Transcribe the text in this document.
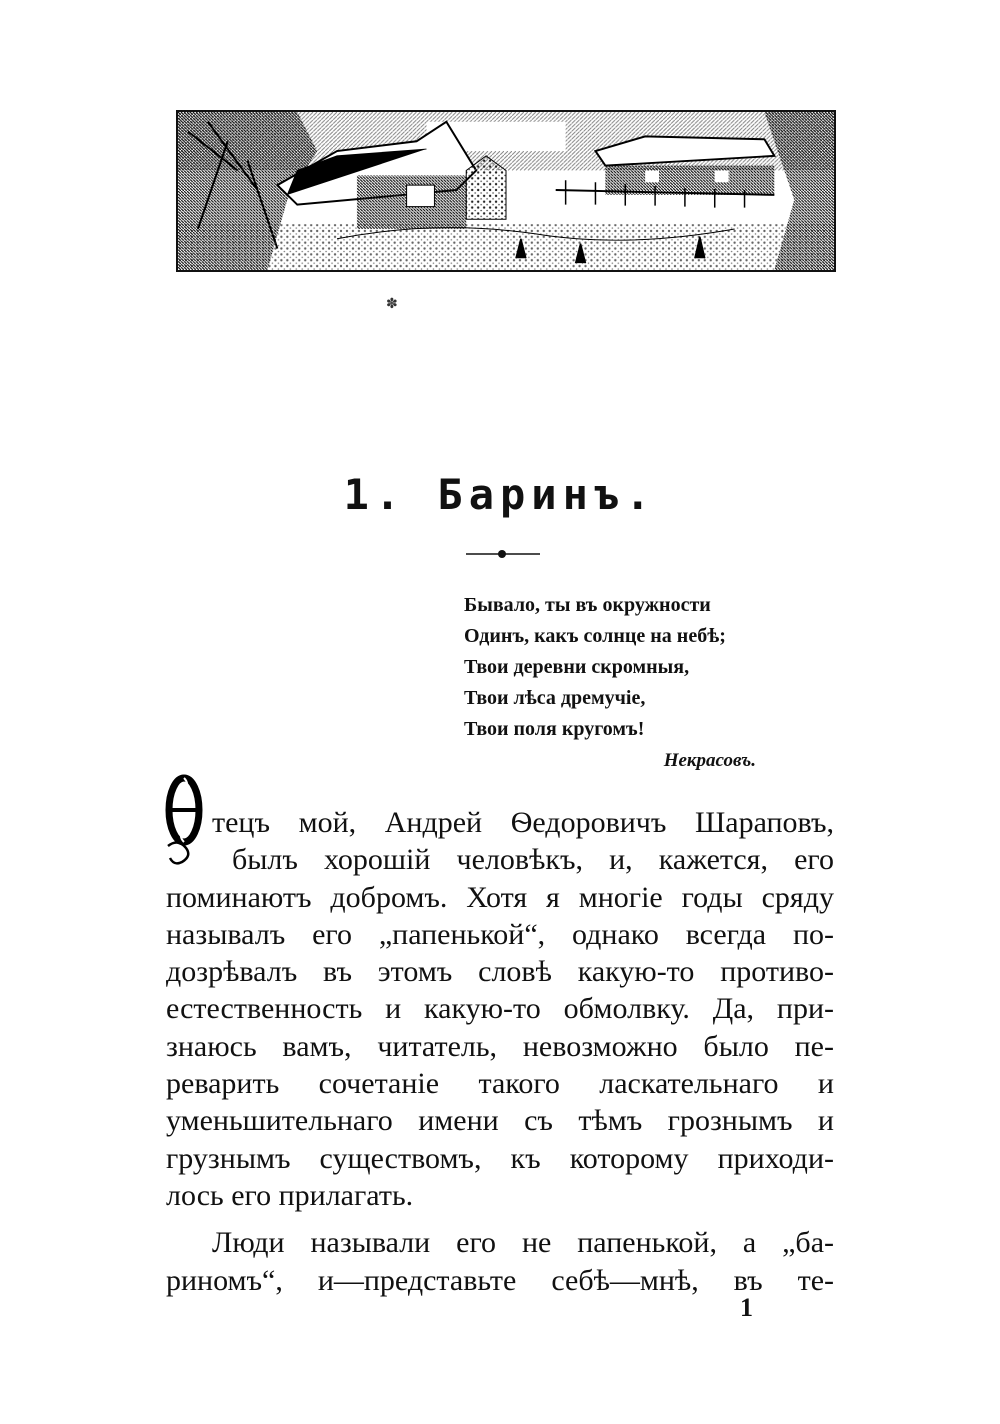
✽
1. Баринъ.
Бывало, ты въ окружности
Одинъ, какъ солнце на небѣ;
Твои деревни скромныя,
Твои лѣса дремучіе,
Твои поля кругомъ!
Некрасовъ.
тецъ мой, Андрей Ѳедоровичъ Шараповъ,
былъ хорошій человѣкъ, и, кажется, его
поминаютъ добромъ. Хотя я многіе годы сряду
называлъ его „папенькой“, однако всегда по-
дозрѣвалъ въ этомъ словѣ какую-то противо-
естественность и какую-то обмолвку. Да, при-
знаюсь вамъ, читатель, невозможно было пе-
реварить сочетаніе такого ласкательнаго и
уменьшительнаго имени съ тѣмъ грознымъ и
грузнымъ существомъ, къ которому приходи-
лось его прилагать.
Люди называли его не папенькой, а „ба-
риномъ“, и—представьте себѣ—мнѣ, въ те-
1
